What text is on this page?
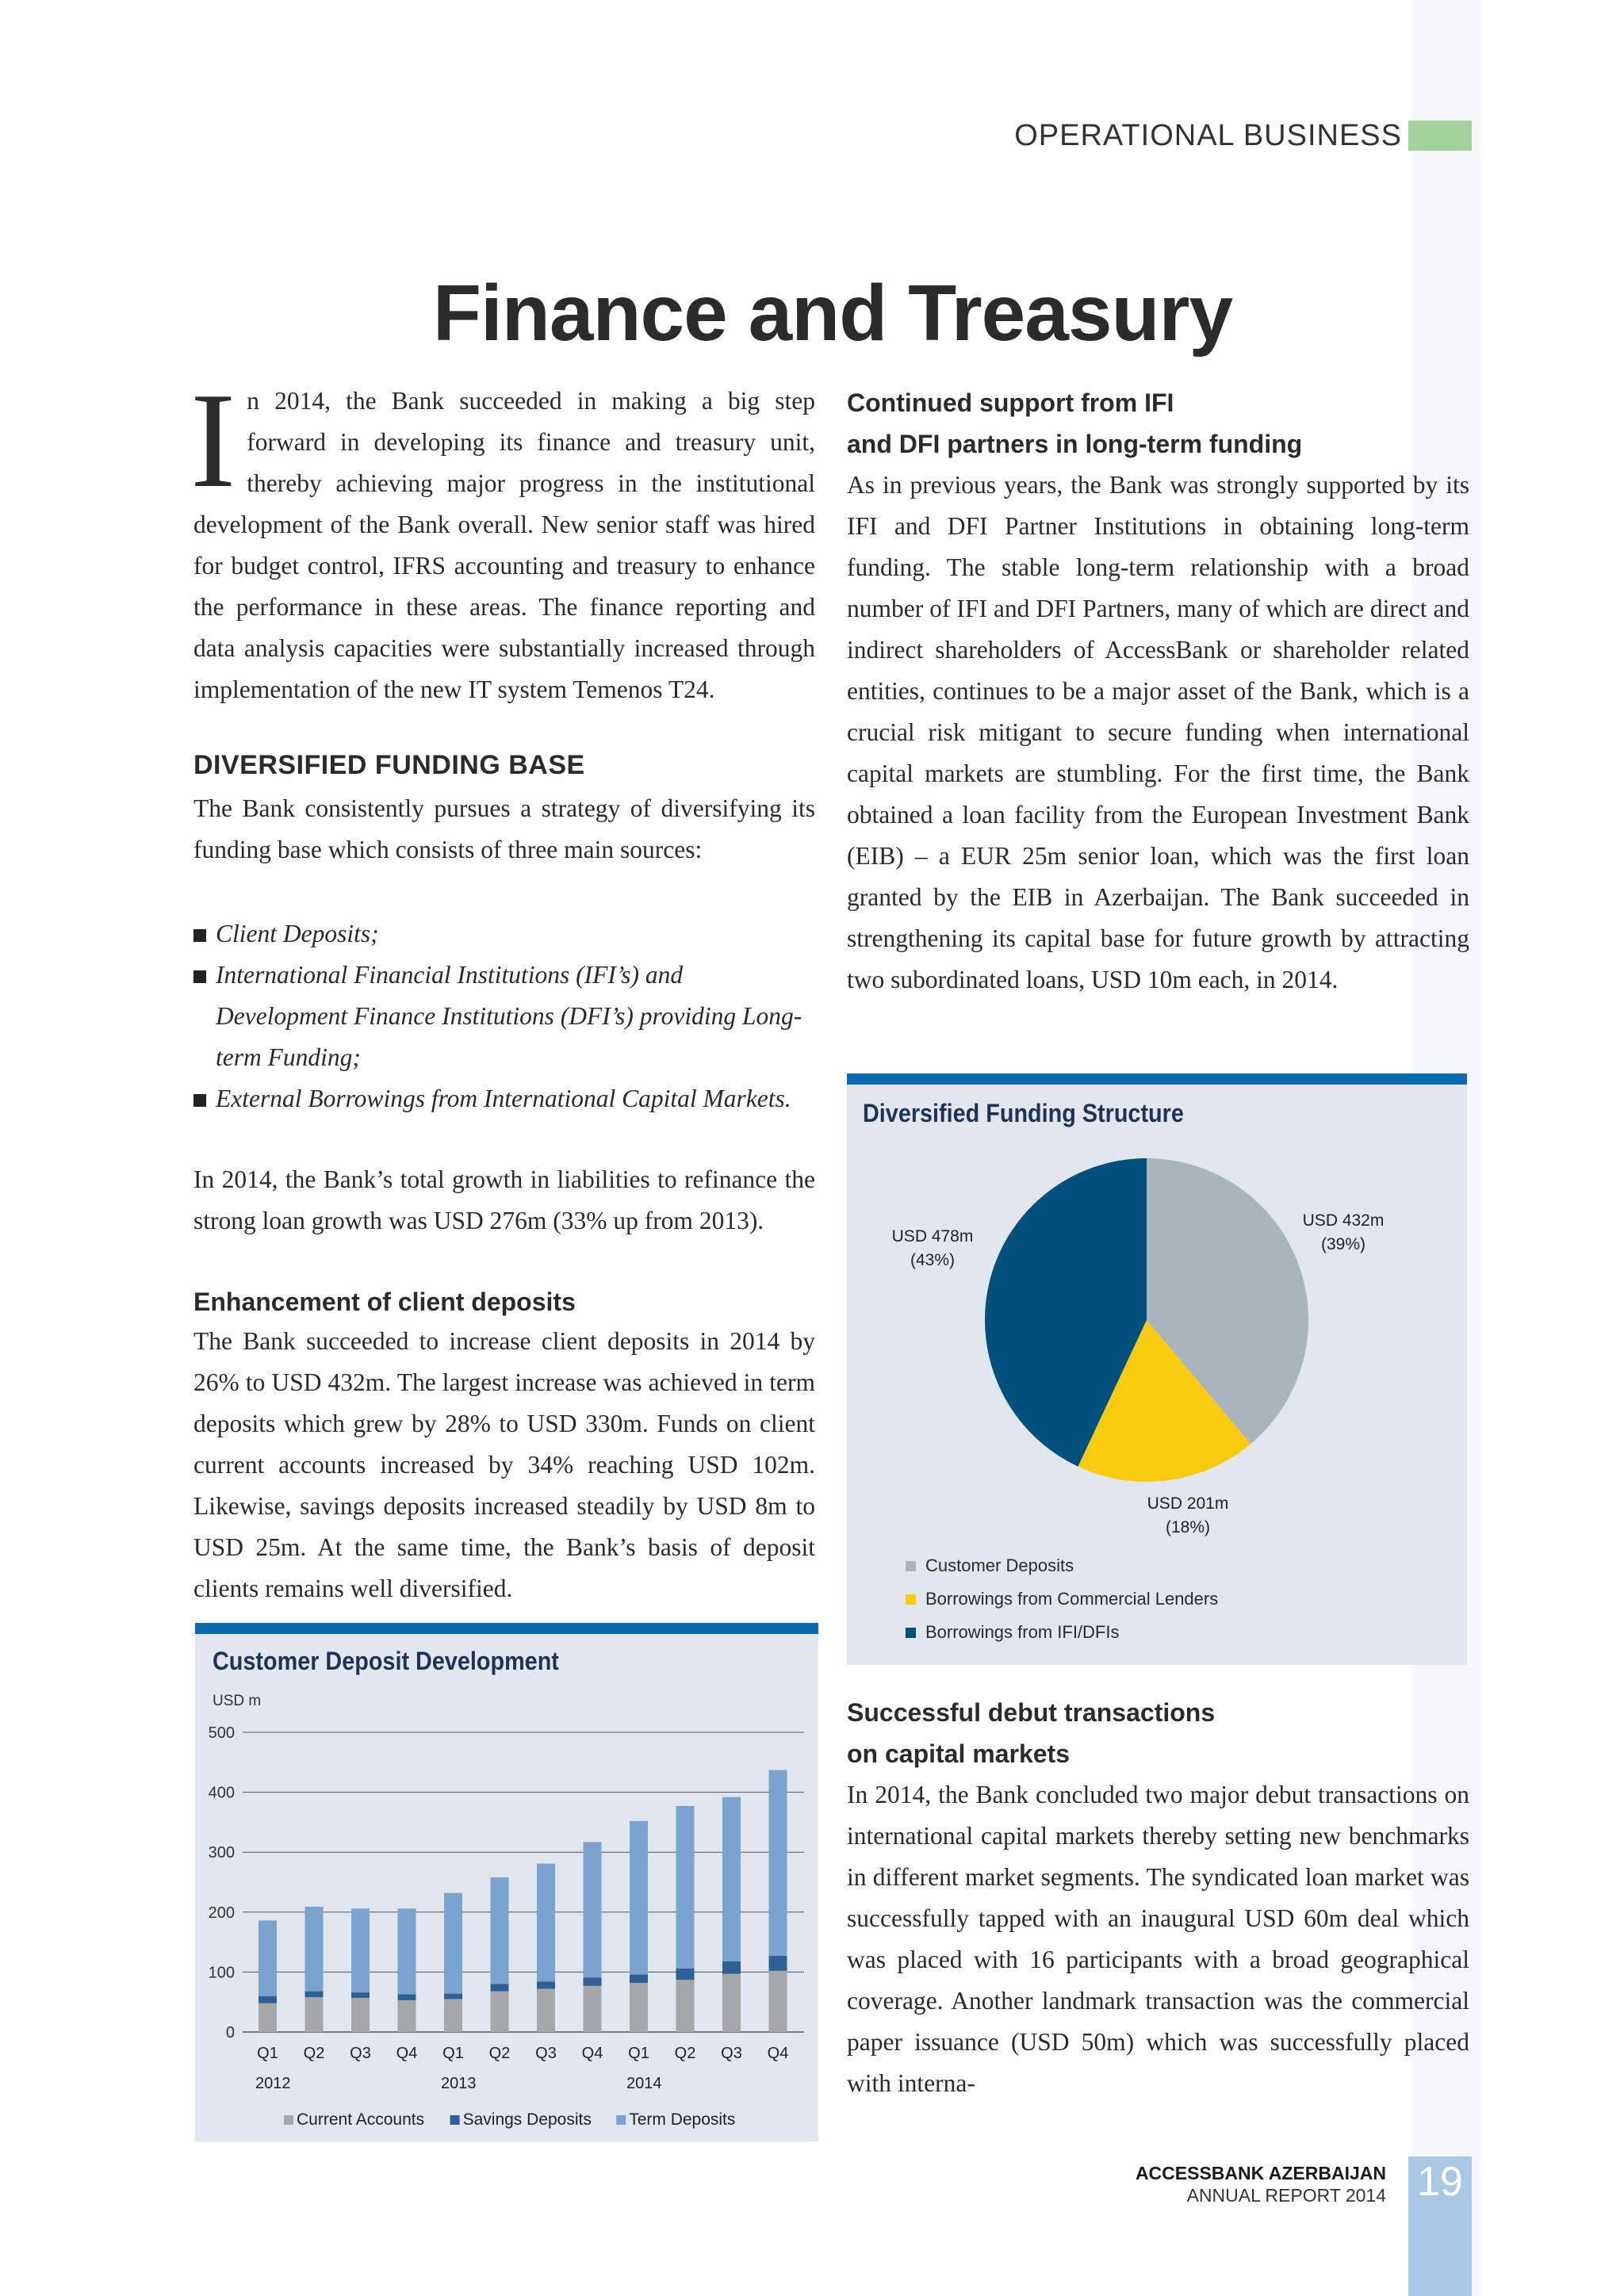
OPERATIONAL BUSINESS
Finance and Treasury
I n 2014, the Bank succeeded in making a big step forward in developing its finance and treasury unit, thereby achieving major progress in the institutional development of the Bank overall. New senior staff was hired for budget control, IFRS accounting and treasury to enhance the performance in these areas. The finance reporting and data analysis capacities were substantially increased through implementation of the new IT system Temenos T24.
DIVERSIFIED FUNDING BASE
The Bank consistently pursues a strategy of diversifying its funding base which consists of three main sources:
Client Deposits;
International Financial Institutions (IFI’s) and Development Finance Institutions (DFI’s) providing Long-term Funding;
External Borrowings from International Capital Markets.
In 2014, the Bank’s total growth in liabilities to refinance the strong loan growth was USD 276m (33% up from 2013).
Enhancement of client deposits
The Bank succeeded to increase client deposits in 2014 by 26% to USD 432m. The largest increase was achieved in term deposits which grew by 28% to USD 330m. Funds on client current accounts increased by 34% reaching USD 102m. Likewise, savings deposits increased steadily by USD 8m to USD 25m. At the same time, the Bank’s basis of deposit clients remains well diversified.
Customer Deposit Development
USD m
0
100
200
300
400
500
Q1 Q2 Q3 Q4 Q1 Q2 Q3 Q4 Q1 Q2 Q3 Q4
2012	2013	2014
Current Accounts Savings Deposits Term Deposits
Continued support from IFI
and DFI partners in long-term funding
As in previous years, the Bank was strongly supported by its IFI and DFI Partner Institutions in obtaining long-term funding. The stable long-term relationship with a broad number of IFI and DFI Partners, many of which are direct and indirect shareholders of AccessBank or shareholder related entities, continues to be a major asset of the Bank, which is a crucial risk mitigant to secure funding when international capital markets are stumbling. For the first time, the Bank obtained a loan facility from the European Investment Bank (EIB) – a EUR 25m senior loan, which was the first loan granted by the EIB in Azerbaijan. The Bank succeeded in strengthening its capital base for future growth by attracting two subordinated loans, USD 10m each, in 2014.
Diversified Funding Structure
USD 432m
(39%)
USD 201m
(18%)
USD 478m
(43%)
Customer Deposits
Borrowings from Commercial Lenders
Borrowings from IFI/DFIs
Successful debut transactions
on capital markets
In 2014, the Bank concluded two major debut transactions on international capital markets thereby setting new benchmarks in different market segments. The syndicated loan market was successfully tapped with an inaugural USD 60m deal which was placed with 16 participants with a broad geographical coverage. Another landmark transaction was the commercial paper issuance (USD 50m) which was successfully placed with interna-
ACCESSBANK AZERBAIJAN
ANNUAL REPORT 2014 19
